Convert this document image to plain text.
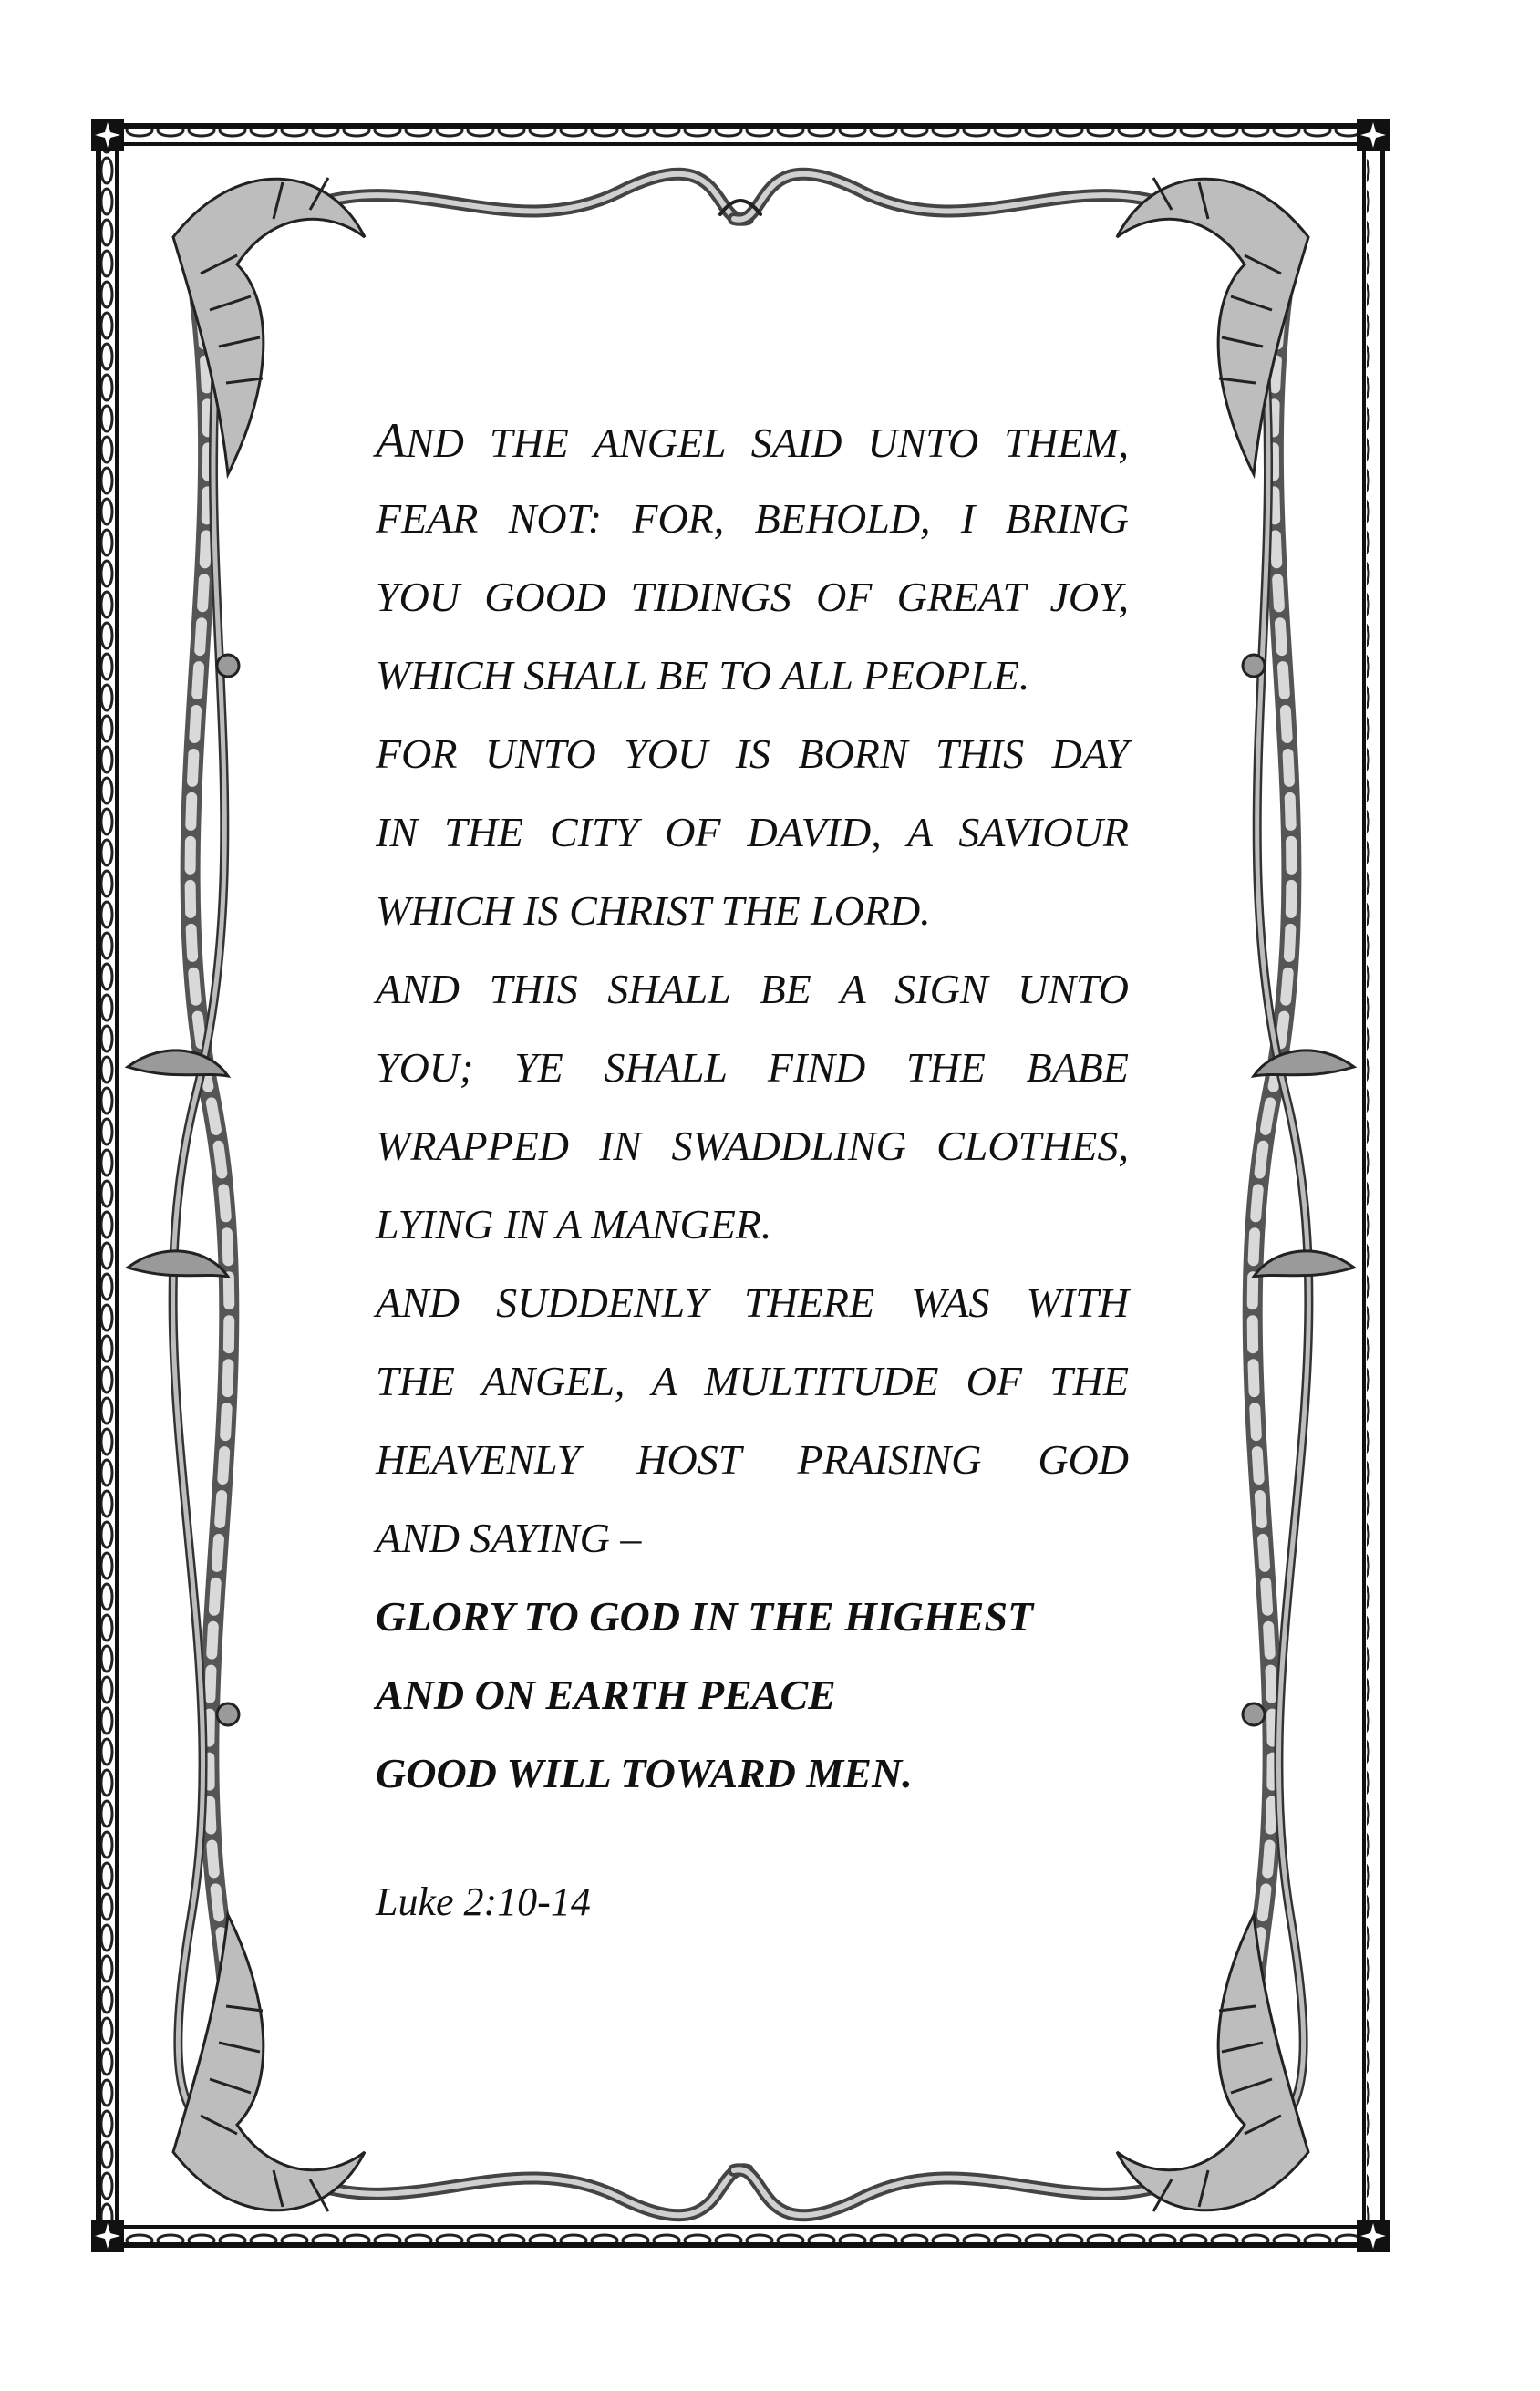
AND THE ANGEL SAID UNTO THEM,
FEAR NOT: FOR, BEHOLD, I BRING
YOU GOOD TIDINGS OF GREAT JOY,
WHICH SHALL BE TO ALL PEOPLE.
FOR UNTO YOU IS BORN THIS DAY
IN THE CITY OF DAVID, A SAVIOUR
WHICH IS CHRIST THE LORD.
AND THIS SHALL BE A SIGN UNTO
YOU; YE SHALL FIND THE BABE
WRAPPED IN SWADDLING CLOTHES,
LYING IN A MANGER.
AND SUDDENLY THERE WAS WITH
THE ANGEL, A MULTITUDE OF THE
HEAVENLY HOST PRAISING GOD
AND SAYING –
GLORY TO GOD IN THE HIGHEST
AND ON EARTH PEACE
GOOD WILL TOWARD MEN.
Luke 2:10-14
